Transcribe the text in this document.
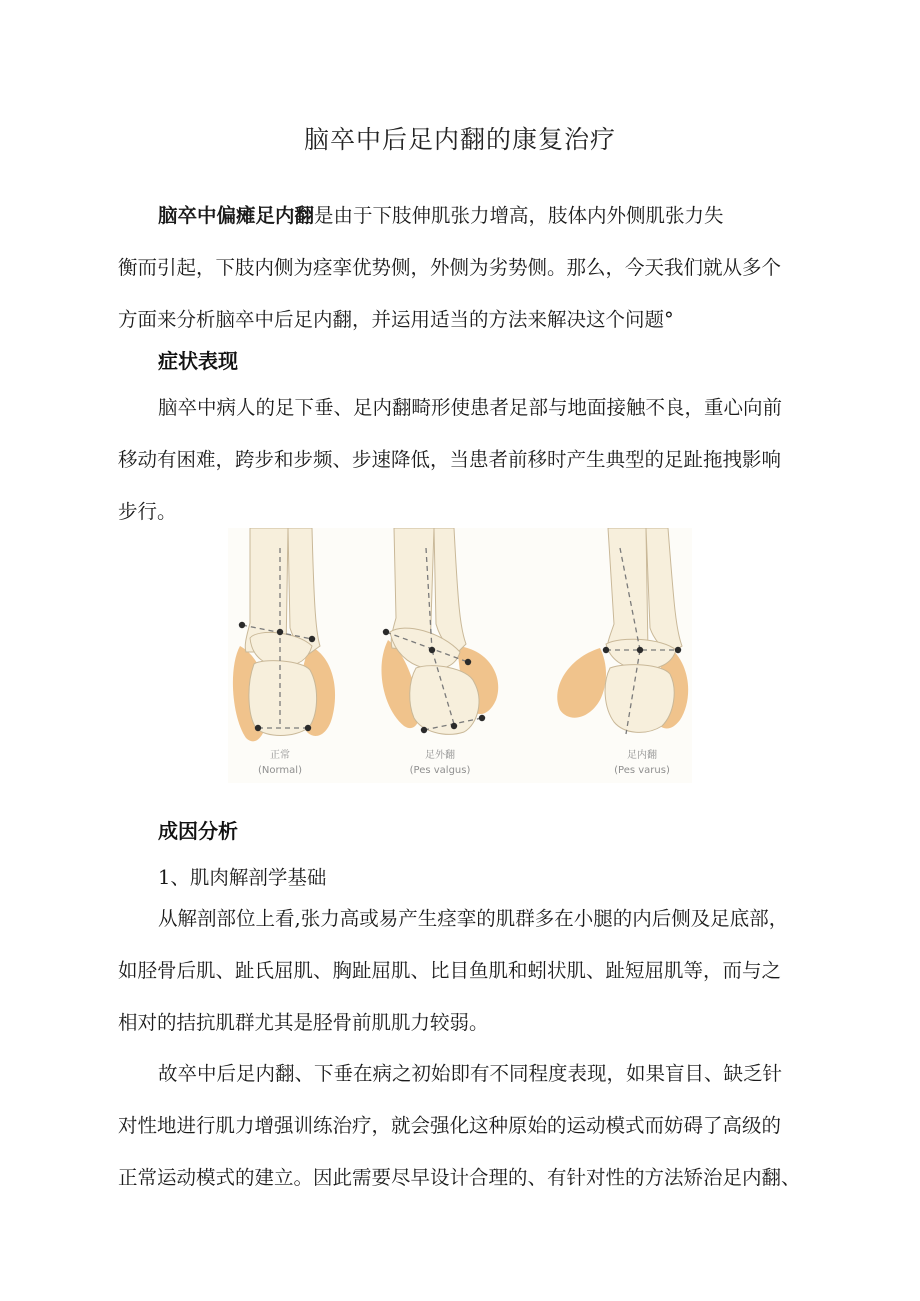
脑卒中后足内翻的康复治疗
脑卒中偏瘫足内翻是由于下肢伸肌张力增高，肢体内外侧肌张力失
衡而引起，下肢内侧为痉挛优势侧，外侧为劣势侧。那么，今天我们就从多个
方面来分析脑卒中后足内翻，并运用适当的方法来解决这个问题°
症状表现
脑卒中病人的足下垂、足内翻畸形使患者足部与地面接触不良，重心向前
移动有困难，跨步和步频、步速降低，当患者前移时产生典型的足趾拖拽影响
步行。
正常
(Normal)
足外翻
(Pes valgus)
足内翻
(Pes varus)
成因分析
1、肌肉解剖学基础
从解剖部位上看,张力高或易产生痉挛的肌群多在小腿的内后侧及足底部，
如胫骨后肌、趾氏屈肌、胸趾屈肌、比目鱼肌和蚓状肌、趾短屈肌等，而与之
相对的拮抗肌群尤其是胫骨前肌肌力较弱。
故卒中后足内翻、下垂在病之初始即有不同程度表现，如果盲目、缺乏针
对性地进行肌力增强训练治疗，就会强化这种原始的运动模式而妨碍了高级的
正常运动模式的建立。因此需要尽早设计合理的、有针对性的方法矫治足内翻、
